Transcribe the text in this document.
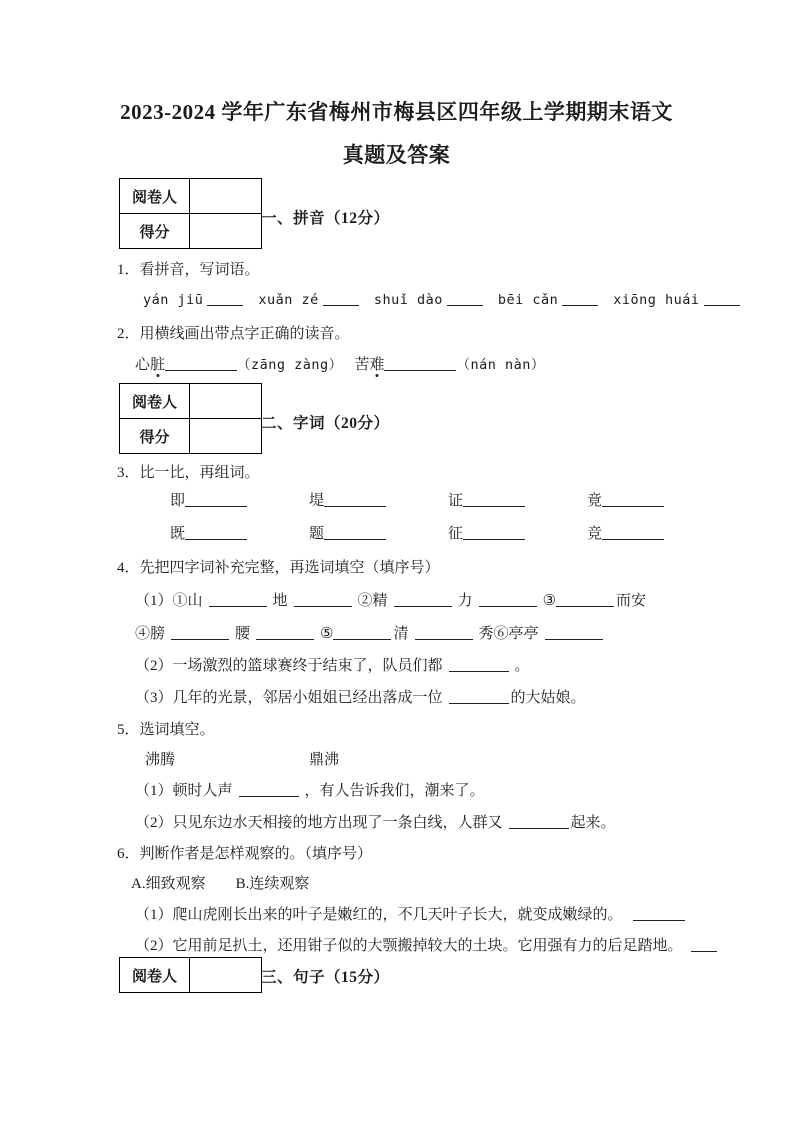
2023-2024 学年广东省梅州市梅县区四年级上学期期末语文
真题及答案
阅卷人	
得分	
一、拼音（12分）
1．看拼音，写词语。
yán jiū	xuǎn zé	shuǐ dào	bēi cǎn	xiōng huái
2．用横线画出带点字正确的读音。
心脏	（zāng zàng） 苦难	（nán nàn）
阅卷人	
得分	
二、字词（20分）
3．比一比，再组词。
即	堤	证	竟
既	题	征	竞
4．先把四字词补充完整，再选词填空（填序号）
（1）①山	地	②精	力	③	而安
④膀	腰	⑤	清	秀⑥亭亭
（2）一场激烈的篮球赛终于结束了，队员们都	。
（3）几年的光景，邻居小姐姐已经出落成一位	的大姑娘。
5．选词填空。
沸腾	鼎沸
（1）顿时人声	，有人告诉我们，潮来了。
（2）只见东边水天相接的地方出现了一条白线，人群又	起来。
6．判断作者是怎样观察的。（填序号）
A.细致观察 B.连续观察
（1）爬山虎刚长出来的叶子是嫩红的，不几天叶子长大，就变成嫩绿的。
（2）它用前足扒土，还用钳子似的大颚搬掉较大的土块。它用强有力的后足踏地。
阅卷人		三、句子（15分）
